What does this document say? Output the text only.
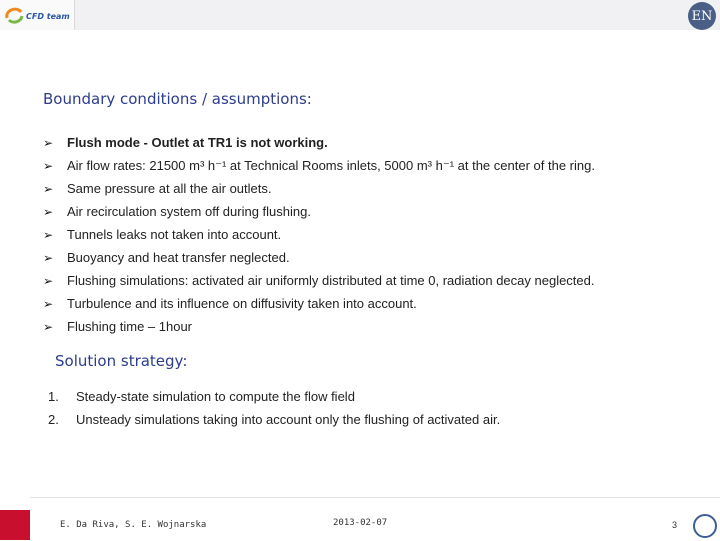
CFD team	EN
Boundary conditions / assumptions:
➢	Flush mode - Outlet at TR1 is not working.
➢	Air flow rates: 21500 m³ h⁻¹ at Technical Rooms inlets, 5000 m³ h⁻¹ at the center of the ring.
➢	Same pressure at all the air outlets.
➢	Air recirculation system off during flushing.
➢	Tunnels leaks not taken into account.
➢	Buoyancy and heat transfer neglected.
➢	Flushing simulations: activated air uniformly distributed at time 0, radiation decay neglected.
➢	Turbulence and its influence on diffusivity taken into account.
➢	Flushing time – 1hour
Solution strategy:
1.	Steady-state simulation to compute the flow field
2.	Unsteady simulations taking into account only the flushing of activated air.
E. Da Riva, S. E. Wojnarska	2013-02-07	3
